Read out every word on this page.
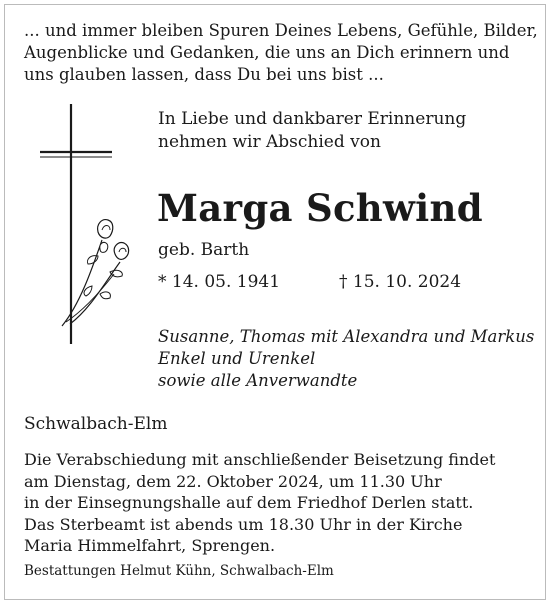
... und immer bleiben Spuren Deines Lebens, Gefühle, Bilder,
Augenblicke und Gedanken, die uns an Dich erinnern und
uns glauben lassen, dass Du bei uns bist ...
In Liebe und dankbarer Erinnerung
nehmen wir Abschied von
Marga Schwind
geb. Barth
* 14. 05. 1941	† 15. 10. 2024
Susanne, Thomas mit Alexandra und Markus
Enkel und Urenkel
sowie alle Anverwandte
Schwalbach-Elm
Die Verabschiedung mit anschließender Beisetzung findet
am Dienstag, dem 22. Oktober 2024, um 11.30 Uhr
in der Einsegnungshalle auf dem Friedhof Derlen statt.
Das Sterbeamt ist abends um 18.30 Uhr in der Kirche
Maria Himmelfahrt, Sprengen.
Bestattungen Helmut Kühn, Schwalbach-Elm
